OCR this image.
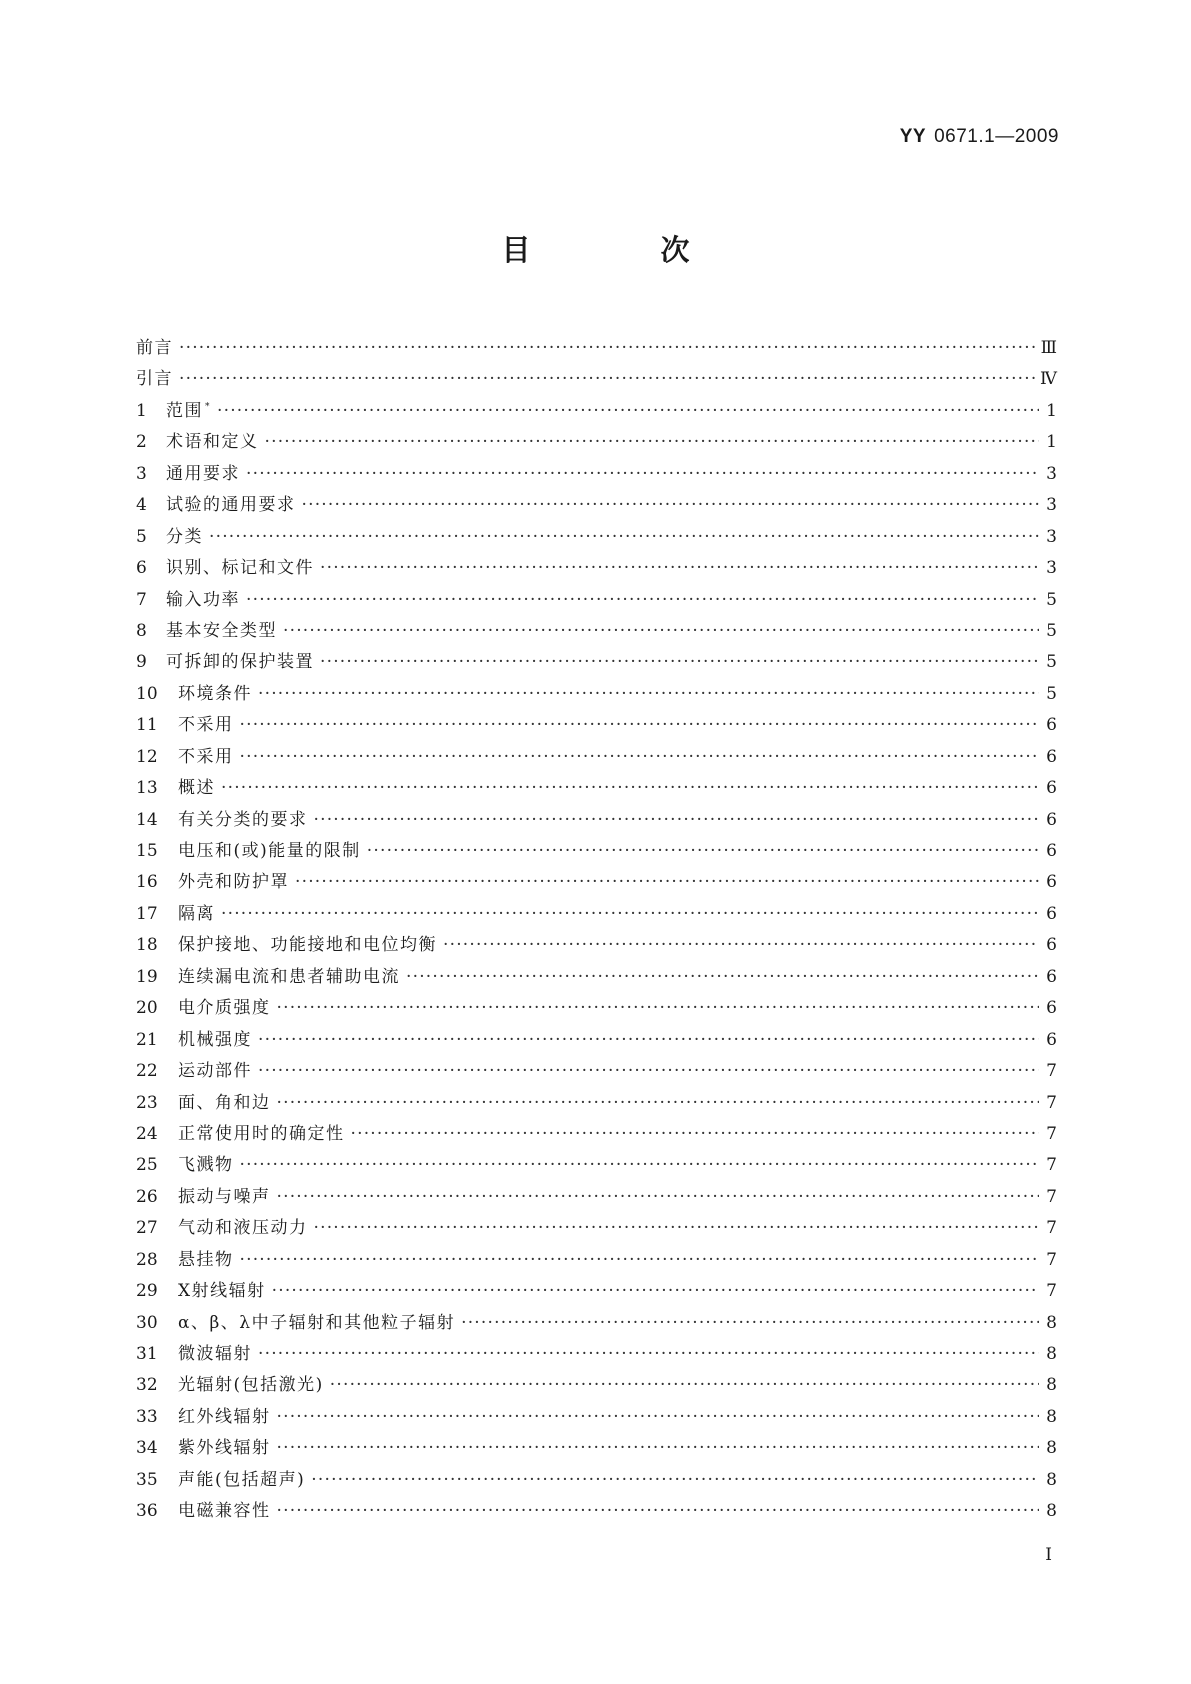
YY 0671.1—2009
目 次
前言 ·····	Ⅲ
引言 ·····	Ⅳ
1	范围 * ·····	1
2	术语和定义 ·····	1
3	通用要求 ·····	3
4	试验的通用要求 ·····	3
5	分类 ·····	3
6	识别、标记和文件 ·····	3
7	输入功率 ·····	5
8	基本安全类型 ·····	5
9	可拆卸的保护装置 ·····	5
10	环境条件 ·····	5
11	不采用 ·····	6
12	不采用 ·····	6
13	概述 ·····	6
14	有关分类的要求 ·····	6
15	电压和(或)能量的限制 ·····	6
16	外壳和防护罩 ·····	6
17	隔离 ·····	6
18	保护接地、功能接地和电位均衡 ·····	6
19	连续漏电流和患者辅助电流 ·····	6
20	电介质强度 ·····	6
21	机械强度 ·····	6
22	运动部件 ·····	7
23	面、角和边 ·····	7
24	正常使用时的确定性 ·····	7
25	飞溅物 ·····	7
26	振动与噪声 ·····	7
27	气动和液压动力 ·····	7
28	悬挂物 ·····	7
29	X射线辐射 ·····	7
30	α、β、λ中子辐射和其他粒子辐射 ·····	8
31	微波辐射 ·····	8
32	光辐射(包括激光) ·····	8
33	红外线辐射 ·····	8
34	紫外线辐射 ·····	8
35	声能(包括超声) ·····	8
36	电磁兼容性 ·····	8
I
